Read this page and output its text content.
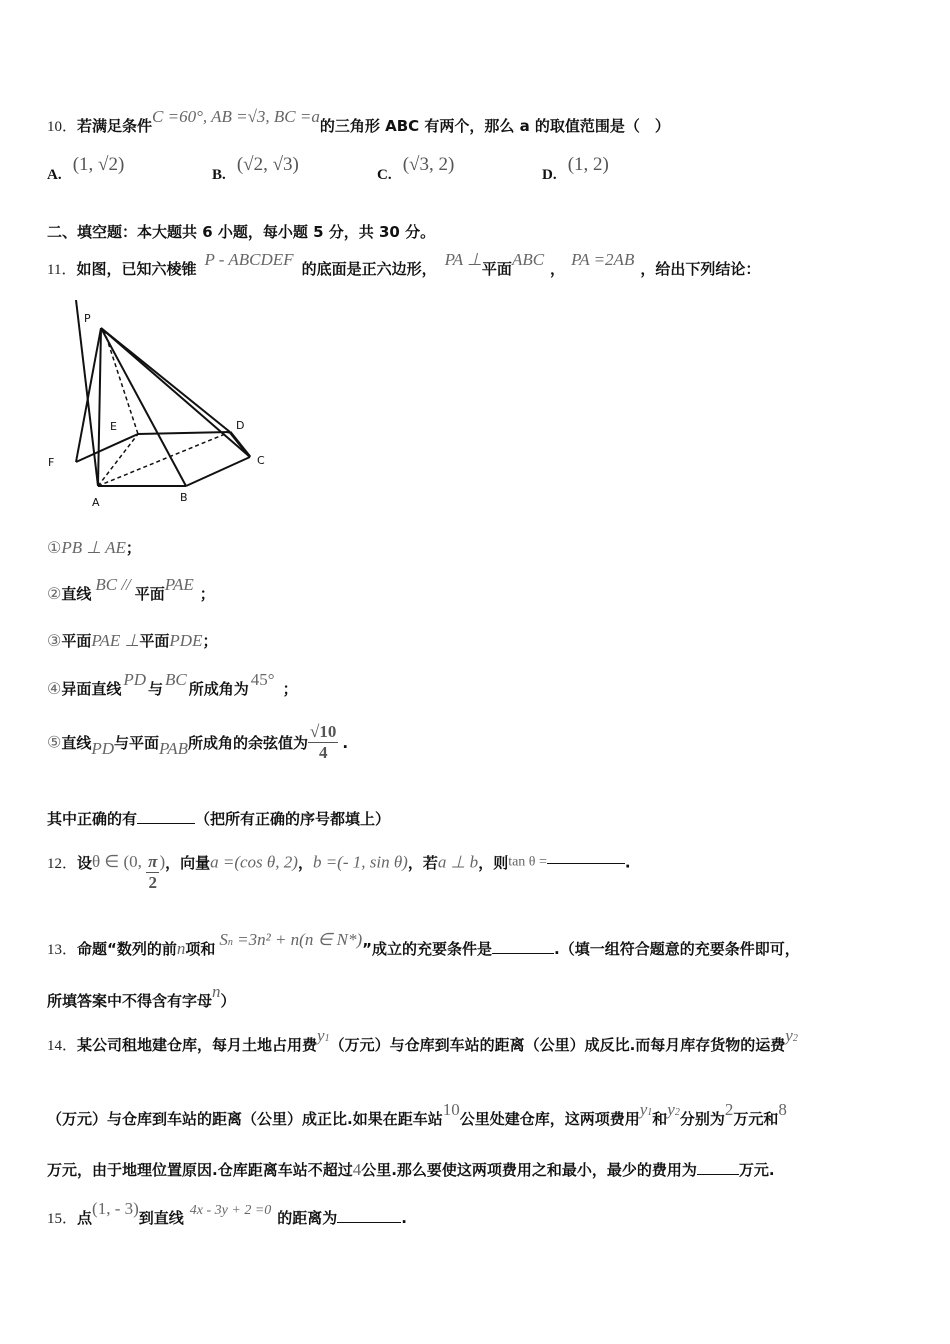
10．若满足条件C =60°, AB =√3, BC =a的三角形 ABC 有两个，那么 a 的取值范围是（　）
A. (1, √2)	B. (√2, √3)	C. (√3, 2)	D. (1, 2)
二、填空题：本大题共 6 小题，每小题 5 分，共 30 分。
11．如图，已知六棱锥 P - ABCDEF 的底面是正六边形， PA ⊥平面ABC ， PA =2AB ，给出下列结论：
P
E	D
F	C
A	B
①PB ⊥ AE；
②直线 BC // 平面PAE ；
③平面PAE ⊥平面PDE；
④异面直线 PD 与 BC 所成角为 45° ；
⑤直线PD与平面PAB所成角的余弦值为 $\frac{√10}{4}$ .
其中正确的有	（把所有正确的序号都填上）
12．设θ ∈ (0, $\frac{\pi}{2}$ )，向量a =(cos θ, 2)，b =(- 1, sin θ)，若a ⊥ b，则tan θ =	.
13．命题“数列的前n项和 Sn =3n² + n(n ∈ N*)”成立的充要条件是	.（填一组符合题意的充要条件即可，
所填答案中不得含有字母n）
14．某公司租地建仓库，每月土地占用费y1（万元）与仓库到车站的距离（公里）成反比.而每月库存货物的运费y2
（万元）与仓库到车站的距离（公里）成正比.如果在距车站10公里处建仓库，这两项费用y1和y2分别为2万元和8
万元，由于地理位置原因.仓库距离车站不超过4公里.那么要使这两项费用之和最小，最少的费用为	万元.
15．点(1, - 3)到直线 4x - 3y + 2 =0 的距离为	.
